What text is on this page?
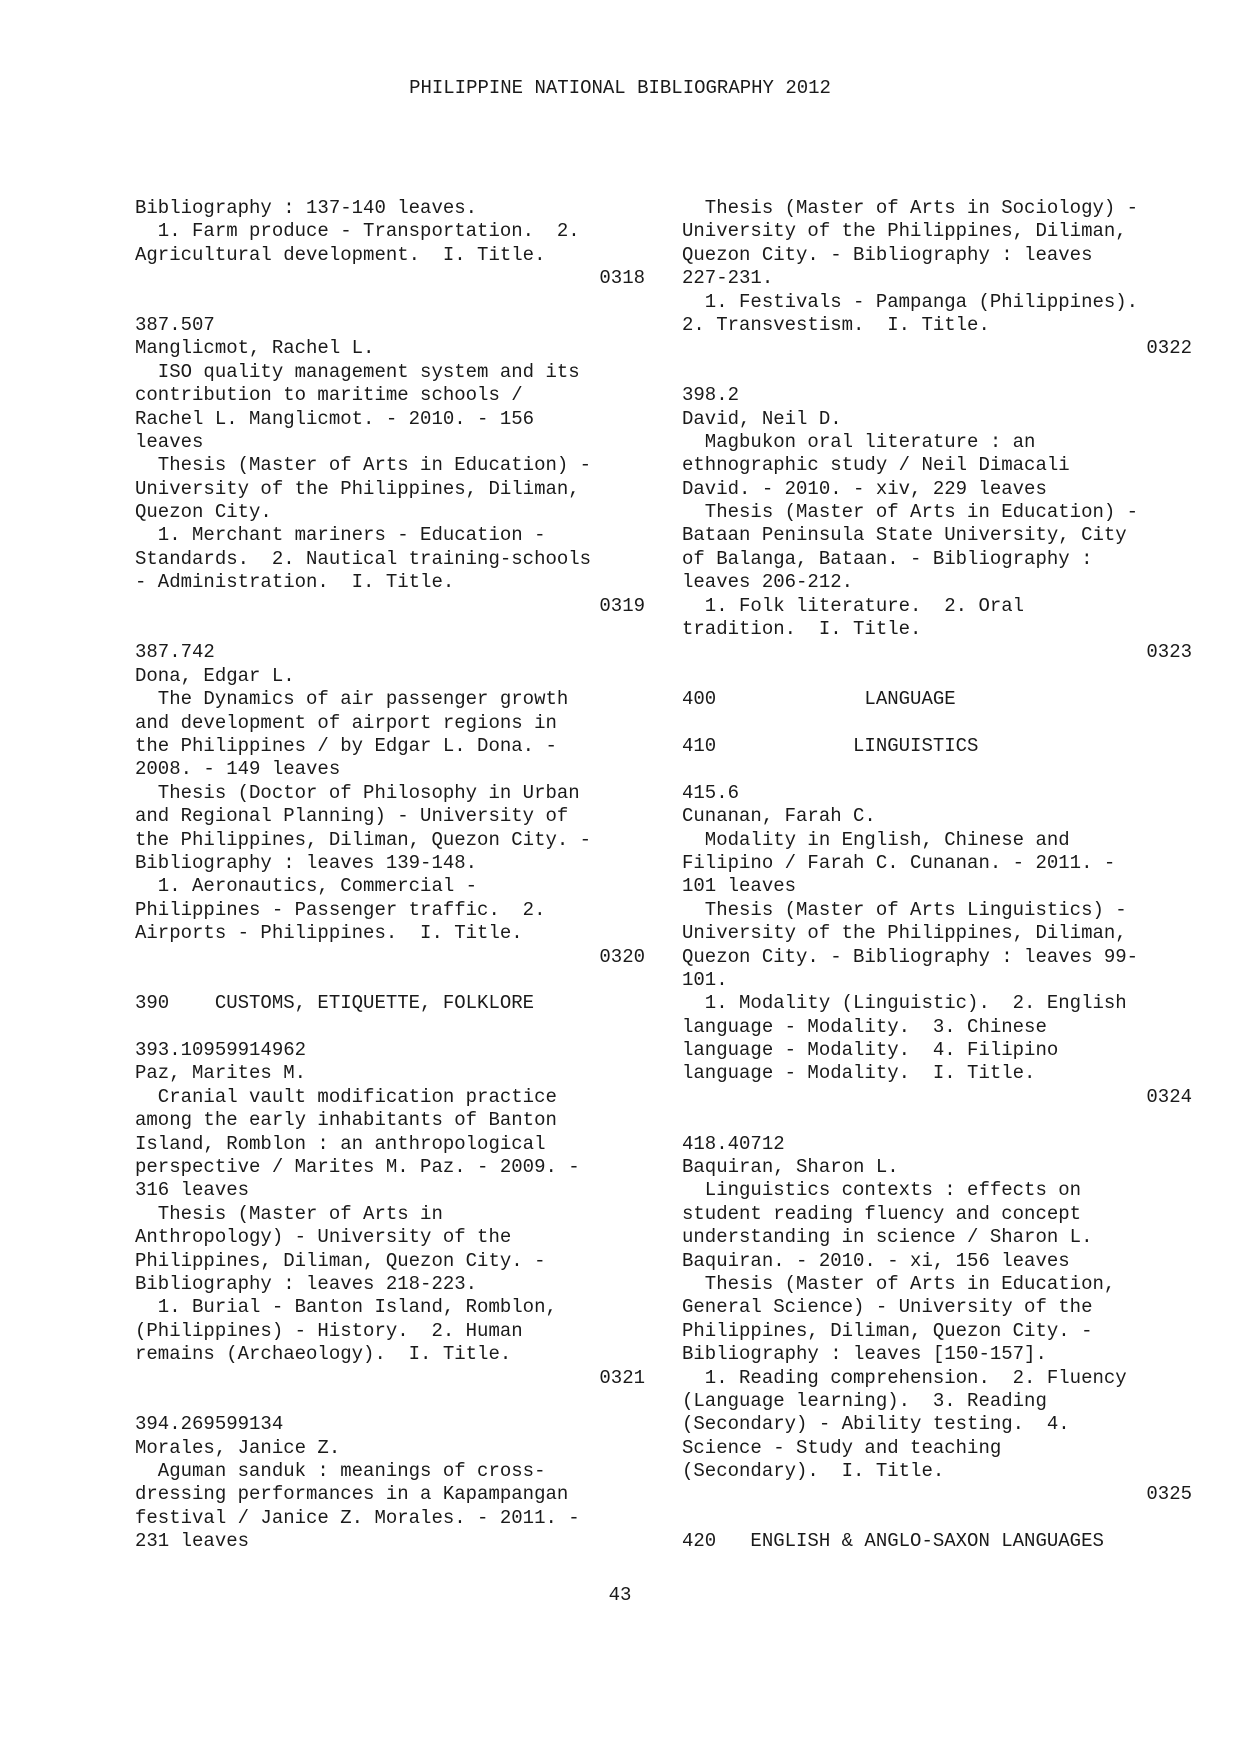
PHILIPPINE NATIONAL BIBLIOGRAPHY 2012
Bibliography : 137-140 leaves.
1. Farm produce - Transportation.  2.
Agricultural development.  I. Title.
0318
387.507
Manglicmot, Rachel L.
ISO quality management system and its
contribution to maritime schools /
Rachel L. Manglicmot. - 2010. - 156
leaves
Thesis (Master of Arts in Education) -
University of the Philippines, Diliman,
Quezon City.
1. Merchant mariners - Education -
Standards.  2. Nautical training-schools
- Administration.  I. Title.
0319
387.742
Dona, Edgar L.
The Dynamics of air passenger growth
and development of airport regions in
the Philippines / by Edgar L. Dona. -
2008. - 149 leaves
Thesis (Doctor of Philosophy in Urban
and Regional Planning) - University of
the Philippines, Diliman, Quezon City. -
Bibliography : leaves 139-148.
1. Aeronautics, Commercial -
Philippines - Passenger traffic.  2.
Airports - Philippines.  I. Title.
0320
390    CUSTOMS, ETIQUETTE, FOLKLORE
393.10959914962
Paz, Marites M.
Cranial vault modification practice
among the early inhabitants of Banton
Island, Romblon : an anthropological
perspective / Marites M. Paz. - 2009. -
316 leaves
Thesis (Master of Arts in
Anthropology) - University of the
Philippines, Diliman, Quezon City. -
Bibliography : leaves 218-223.
1. Burial - Banton Island, Romblon,
(Philippines) - History.  2. Human
remains (Archaeology).  I. Title.
0321
394.269599134
Morales, Janice Z.
Aguman sanduk : meanings of cross-
dressing performances in a Kapampangan
festival / Janice Z. Morales. - 2011. -
231 leaves
Thesis (Master of Arts in Sociology) -
University of the Philippines, Diliman,
Quezon City. - Bibliography : leaves
227-231.
1. Festivals - Pampanga (Philippines).
2. Transvestism.  I. Title.
0322
398.2
David, Neil D.
Magbukon oral literature : an
ethnographic study / Neil Dimacali
David. - 2010. - xiv, 229 leaves
Thesis (Master of Arts in Education) -
Bataan Peninsula State University, City
of Balanga, Bataan. - Bibliography :
leaves 206-212.
1. Folk literature.  2. Oral
tradition.  I. Title.
0323
400             LANGUAGE
410            LINGUISTICS
415.6
Cunanan, Farah C.
Modality in English, Chinese and
Filipino / Farah C. Cunanan. - 2011. -
101 leaves
Thesis (Master of Arts Linguistics) -
University of the Philippines, Diliman,
Quezon City. - Bibliography : leaves 99-
101.
1. Modality (Linguistic).  2. English
language - Modality.  3. Chinese
language - Modality.  4. Filipino
language - Modality.  I. Title.
0324
418.40712
Baquiran, Sharon L.
Linguistics contexts : effects on
student reading fluency and concept
understanding in science / Sharon L.
Baquiran. - 2010. - xi, 156 leaves
Thesis (Master of Arts in Education,
General Science) - University of the
Philippines, Diliman, Quezon City. -
Bibliography : leaves [150-157].
1. Reading comprehension.  2. Fluency
(Language learning).  3. Reading
(Secondary) - Ability testing.  4.
Science - Study and teaching
(Secondary).  I. Title.
0325
420   ENGLISH & ANGLO-SAXON LANGUAGES
43
